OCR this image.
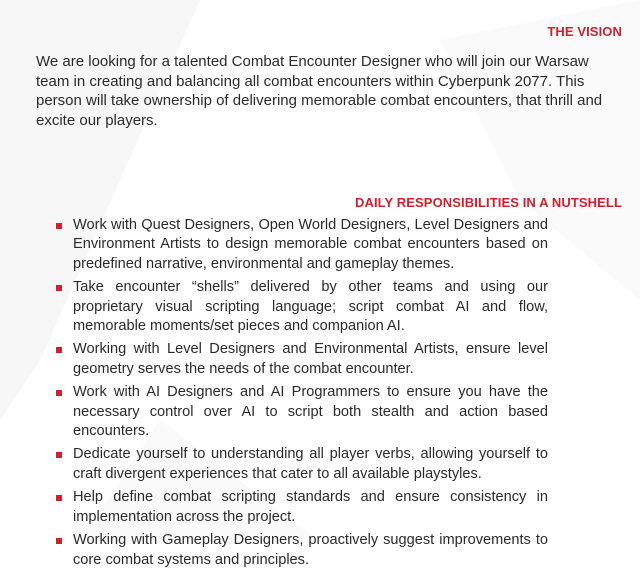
THE VISION

We are looking for a talented Combat Encounter Designer who will join our Warsaw team in creating and balancing all combat encounters within Cyberpunk 2077. This person will take ownership of delivering memorable combat encounters, that thrill and excite our players.

DAILY RESPONSIBILITIES IN A NUTSHELL
Work with Quest Designers, Open World Designers, Level Designers and Environment Artists to design memorable combat encounters based on predefined narrative, environmental and gameplay themes.
Take encounter “shells” delivered by other teams and using our proprietary visual scripting language; script combat AI and flow, memorable moments/set pieces and companion AI.
Working with Level Designers and Environmental Artists, ensure level geometry serves the needs of the combat encounter.
Work with AI Designers and AI Programmers to ensure you have the necessary control over AI to script both stealth and action based encounters.
Dedicate yourself to understanding all player verbs, allowing yourself to craft divergent experiences that cater to all available playstyles.
Help define combat scripting standards and ensure consistency in implementation across the project.
Working with Gameplay Designers, proactively suggest improvements to core combat systems and principles.
